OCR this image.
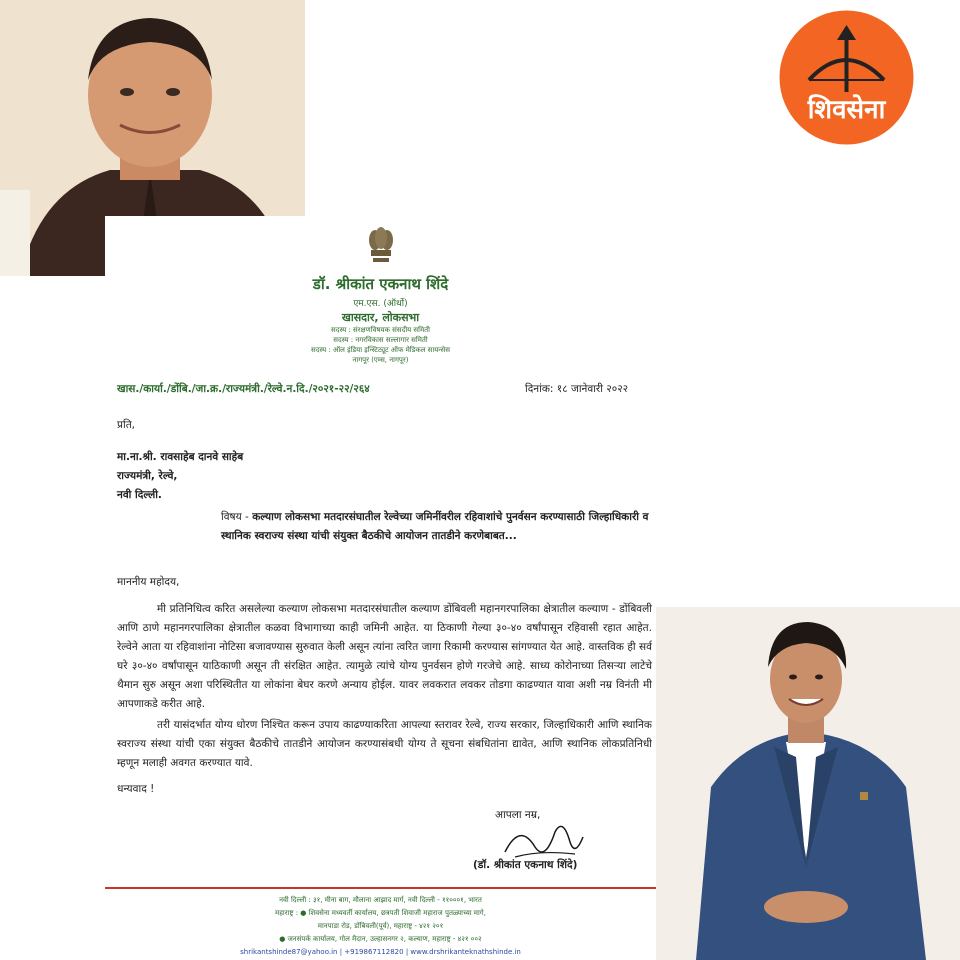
शिवसेना
डॉ. श्रीकांत एकनाथ शिंदे
एम.एस. (ऑर्थो)
खासदार, लोकसभा
सदस्य : संरक्षणविषयक संसदीय समिती
सदस्य : नगरविकास सल्लागार समिती
सदस्य : ऑल इंडिया इन्स्टिट्यूट ऑफ मेडिकल सायन्सेस
नागपूर (एम्स, नागपूर)
खास./कार्या./डोंबि./जा.क्र./राज्यमंत्री./रेल्वे.न.दि./२०२१-२२/२६४	दिनांक: १८ जानेवारी २०२२
प्रति,
मा.ना.श्री. रावसाहेब दानवे साहेब
राज्यमंत्री, रेल्वे,
नवी दिल्ली.
विषय - कल्याण लोकसभा मतदारसंघातील रेल्वेच्या जमिनींवरील रहिवाशांचे पुनर्वसन करण्यासाठी जिल्हाधिकारी व स्थानिक स्वराज्य संस्था यांची संयुक्त बैठकीचे आयोजन तातडीने करणेबाबत...
माननीय महोदय,
मी प्रतिनिधित्व करित असलेल्या कल्याण लोकसभा मतदारसंघातील कल्याण डोंबिवली महानगरपालिका क्षेत्रातील कल्याण - डोंबिवली आणि ठाणे महानगरपालिका क्षेत्रातील कळवा विभागाच्या काही जमिनी आहेत. या ठिकाणी गेल्या ३०-४० वर्षांपासून रहिवासी रहात आहेत. रेल्वेने आता या रहिवाशांना नोटिसा बजावण्यास सुरुवात केली असून त्यांना त्वरित जागा रिकामी करण्यास सांगण्यात येत आहे. वास्तविक ही सर्व घरे ३०-४० वर्षांपासून याठिकाणी असून ती संरक्षित आहेत. त्यामुळे त्यांचे योग्य पुनर्वसन होणे गरजेचे आहे. साध्य कोरोनाच्या तिसऱ्या लाटेचे थैमान सुरु असून अशा परिस्थितीत या लोकांना बेघर करणे अन्याय होईल. यावर लवकरात लवकर तोडगा काढण्यात यावा अशी नम्र विनंती मी आपणाकडे करीत आहे.
तरी यासंदर्भात योग्य धोरण निश्चित करून उपाय काढण्याकरिता आपल्या स्तरावर रेल्वे, राज्य सरकार, जिल्हाधिकारी आणि स्थानिक स्वराज्य संस्था यांची एका संयुक्त बैठकीचे तातडीने आयोजन करण्यासंबधी योग्य ते सूचना संबधितांना द्यावेत, आणि स्थानिक लोकप्रतिनिधी म्हणून मलाही अवगत करण्यात यावे.
धन्यवाद !
आपला नम्र,
(डॉ. श्रीकांत एकनाथ शिंदे)
नवी दिल्ली : ३१, मीना बाग, मौलाना आझाद मार्ग, नवी दिल्ली - ११०००१, भारत
महाराष्ट्र : ● शिवसेना मध्यवर्ती कार्यालय, छत्रपती शिवाजी महाराज पुतळ्याच्या मागे,
मानपाडा रोड, डोंबिवली(पूर्व), महाराष्ट्र - ४२१ २०१
● जनसंपर्क कार्यालय, गोल मैदान, उल्हासनगर २, कल्याण, महाराष्ट्र - ४२१ ००२
shrikantshinde87@yahoo.in | +919867112820 | www.drshrikanteknathshinde.in
